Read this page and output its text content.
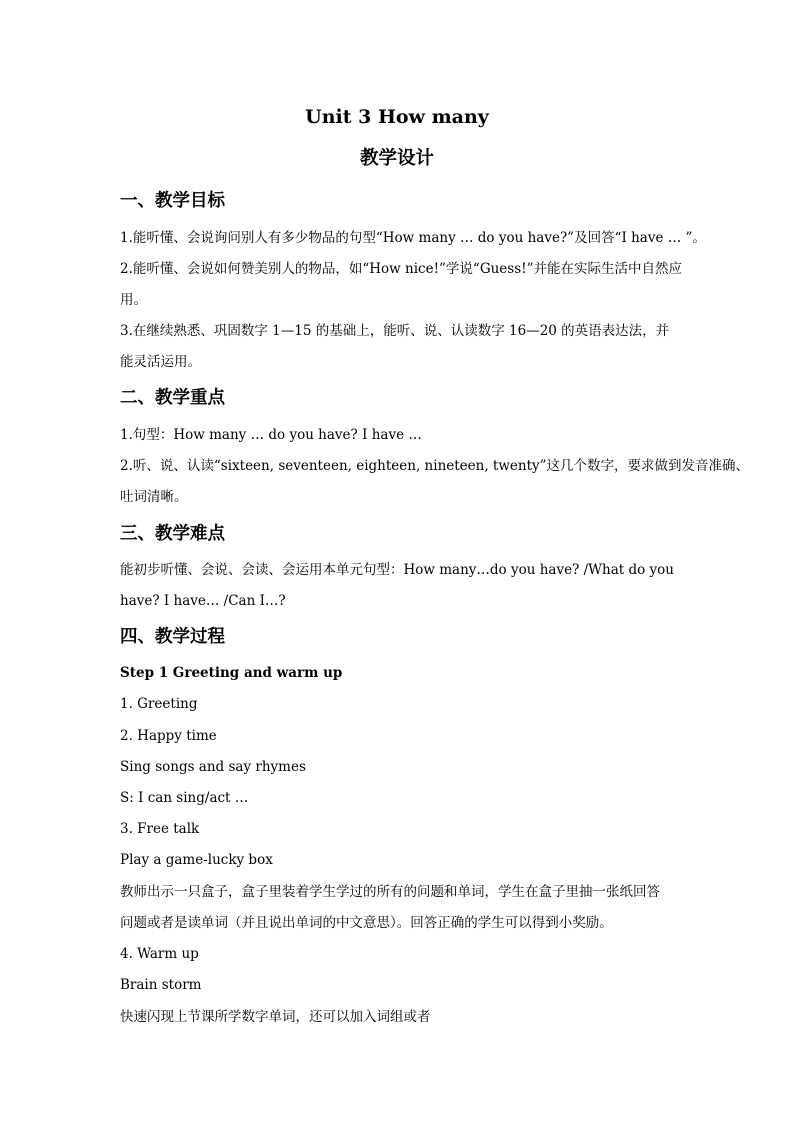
Unit 3 How many
教学设计
一、教学目标
1.能听懂、会说询问别人有多少物品的句型“How many … do you have?”及回答“I have … ”。
2.能听懂、会说如何赞美别人的物品，如“How nice!”学说“Guess!”并能在实际生活中自然应
用。
3.在继续熟悉、巩固数字 1—15 的基础上，能听、说、认读数字 16—20 的英语表达法，并
能灵活运用。
二、教学重点
1.句型：How many … do you have? I have …
2.听、说、认读“sixteen, seventeen, eighteen, nineteen, twenty”这几个数字，要求做到发音准确、
吐词清晰。
三、教学难点
能初步听懂、会说、会读、会运用本单元句型：How many…do you have? /What do you
have? I have… /Can I…?
四、教学过程
Step 1 Greeting and warm up
1. Greeting
2. Happy time
Sing songs and say rhymes
S: I can sing/act …
3. Free talk
Play a game-lucky box
教师出示一只盒子，盒子里装着学生学过的所有的问题和单词，学生在盒子里抽一张纸回答
问题或者是读单词（并且说出单词的中文意思）。回答正确的学生可以得到小奖励。
4. Warm up
Brain storm
快速闪现上节课所学数字单词，还可以加入词组或者
